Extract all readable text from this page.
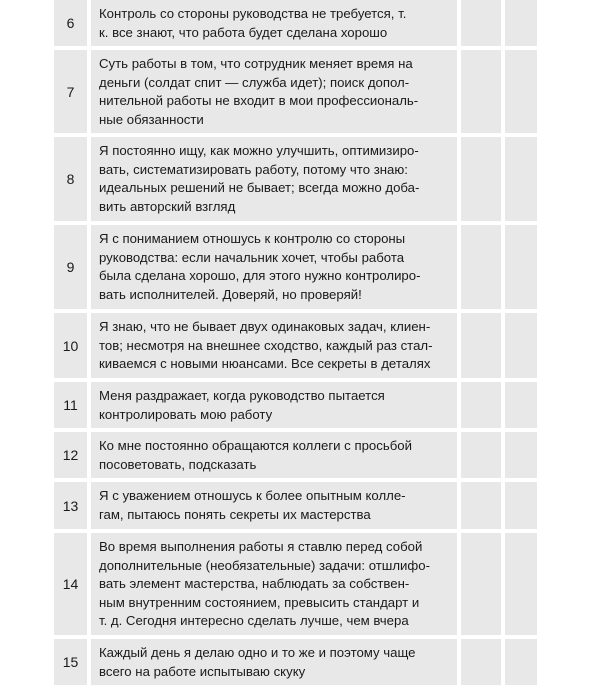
6
Контроль со стороны руководства не требуется, т.
к. все знают, что работа будет сделана хорошо
7
Суть работы в том, что сотрудник меняет время на
деньги (солдат спит — служба идет); поиск допол-
нительной работы не входит в мои профессиональ-
ные обязанности
8
Я постоянно ищу, как можно улучшить, оптимизиро-
вать, систематизировать работу, потому что знаю:
идеальных решений не бывает; всегда можно доба-
вить авторский взгляд
9
Я с пониманием отношусь к контролю со стороны
руководства: если начальник хочет, чтобы работа
была сделана хорошо, для этого нужно контролиро-
вать исполнителей. Доверяй, но проверяй!
10
Я знаю, что не бывает двух одинаковых задач, клиен-
тов; несмотря на внешнее сходство, каждый раз стал-
киваемся с новыми нюансами. Все секреты в деталях
11
Меня раздражает, когда руководство пытается
контролировать мою работу
12
Ко мне постоянно обращаются коллеги с просьбой
посоветовать, подсказать
13
Я с уважением отношусь к более опытным колле-
гам, пытаюсь понять секреты их мастерства
14
Во время выполнения работы я ставлю перед собой
дополнительные (необязательные) задачи: отшлифо-
вать элемент мастерства, наблюдать за собствен-
ным внутренним состоянием, превысить стандарт и
т. д. Сегодня интересно сделать лучше, чем вчера
15
Каждый день я делаю одно и то же и поэтому чаще
всего на работе испытываю скуку
